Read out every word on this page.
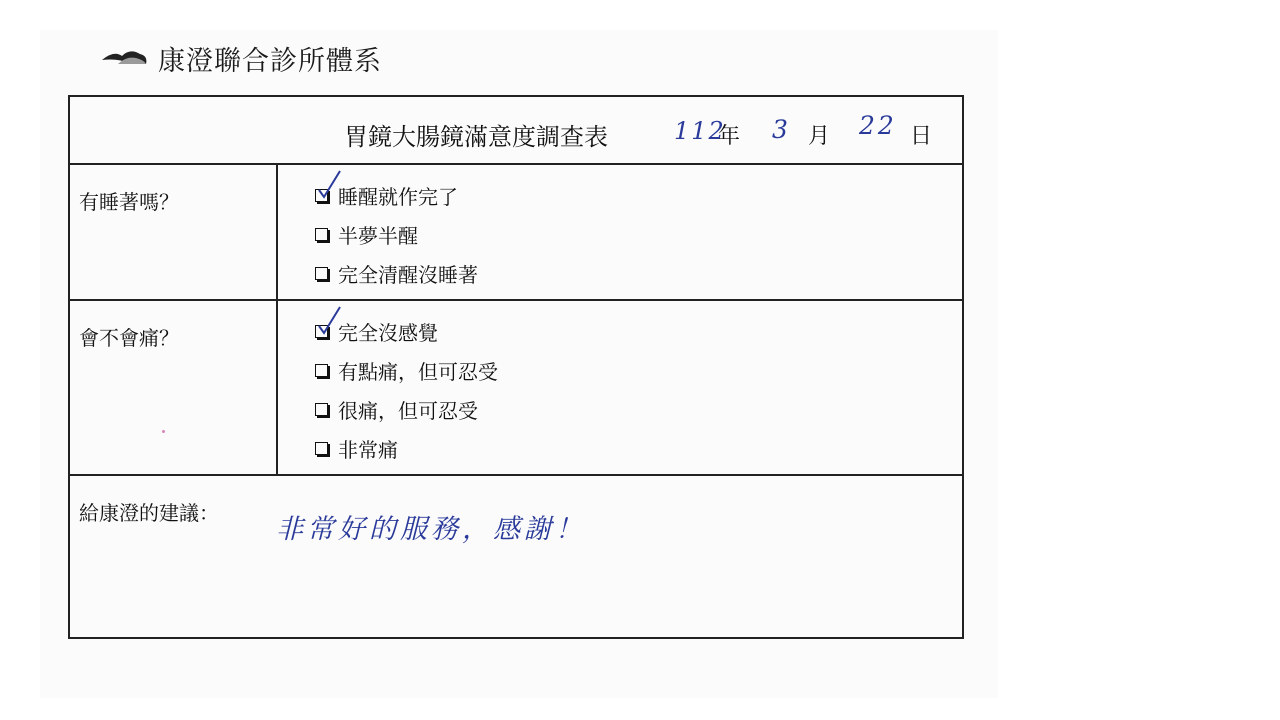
康澄聯合診所體系
胃鏡大腸鏡滿意度調查表	112
年 3 月 22 日
有睡著嗎？	睡醒就作完了
半夢半醒
完全清醒沒睡著
會不會痛？	完全沒感覺
有點痛，但可忍受
很痛，但可忍受
非常痛
給康澄的建議：
非常好的服務，感謝！
